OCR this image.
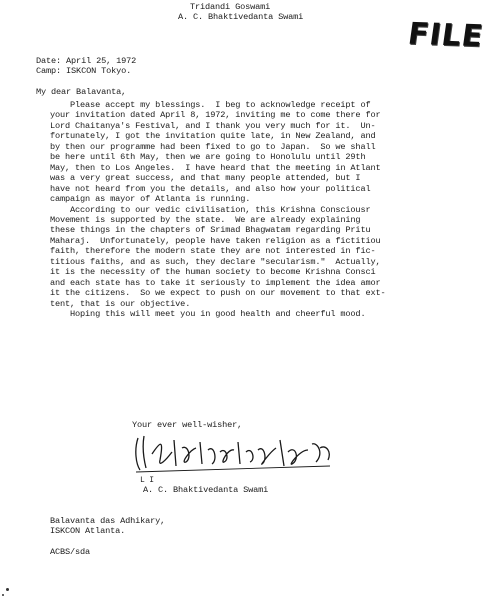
Tridandi Goswami
A. C. Bhaktivedanta Swami	FILE
Date: April 25, 1972
Camp: ISKCON Tokyo.
My dear Balavanta,
Please accept my blessings.  I beg to acknowledge receipt of
your invitation dated April 8, 1972, inviting me to come there for
Lord Chaitanya's Festival, and I thank you very much for it.  Un-
fortunately, I got the invitation quite late, in New Zealand, and
by then our programme had been fixed to go to Japan.  So we shall
be here until 6th May, then we are going to Honolulu until 29th
May, then to Los Angeles.  I have heard that the meeting in Atlant
was a very great success, and that many people attended, but I
have not heard from you the details, and also how your political
campaign as mayor of Atlanta is running.
According to our vedic civilisation, this Krishna Consciousr
Movement is supported by the state.  We are already explaining
these things in the chapters of Srimad Bhagwatam regarding Pritu
Maharaj.  Unfortunately, people have taken religion as a fictitiou
faith, therefore the modern state they are not interested in fic-
titious faiths, and as such, they declare "secularism."  Actually,
it is the necessity of the human society to become Krishna Consci
and each state has to take it seriously to implement the idea amor
it the citizens.  So we expect to push on our movement to that ext-
tent, that is our objective.
Hoping this will meet you in good health and cheerful mood.
Your ever well-wisher,
L I
A. C. Bhaktivedanta Swami
Balavanta das Adhikary,
ISKCON Atlanta.
ACBS/sda
